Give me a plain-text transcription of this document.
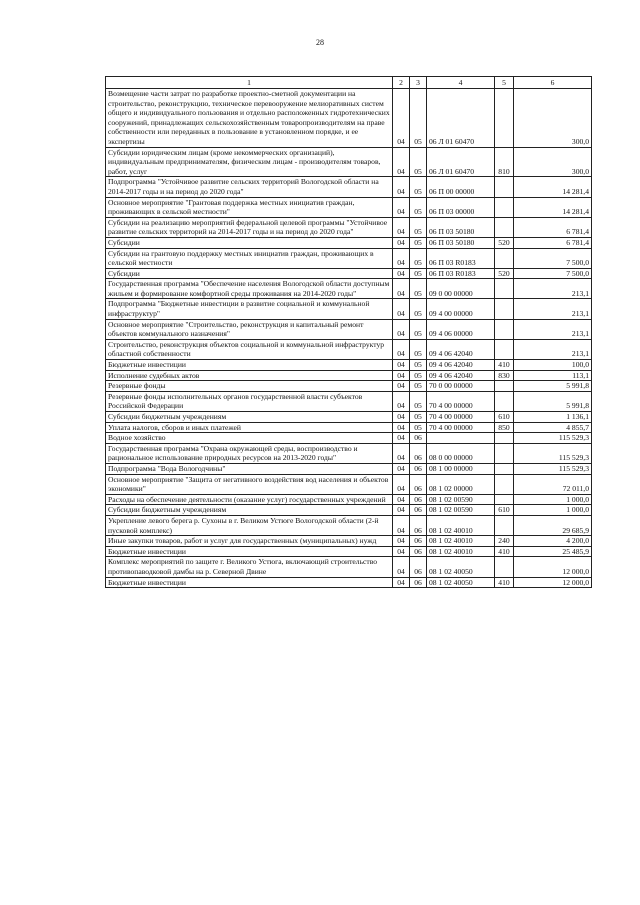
28
1	2	3	4	5	6
Возмещение части затрат по разработке проектно-сметной документации на строительство, реконструкцию, техническое перевооружение мелиоративных систем общего и индивидуального пользования и отдельно расположенных гидротехнических сооружений, принадлежащих сельскохозяйственным товаропроизводителям на праве собственности или переданных в пользование в установленном порядке, и ее экспертизы	04	05	06 Л 01 60470		300,0
Субсидии юридическим лицам (кроме некоммерческих организаций), индивидуальным предпринимателям, физическим лицам - производителям товаров, работ, услуг	04	05	06 Л 01 60470	810	300,0
Подпрограмма "Устойчивое развитие сельских территорий Вологодской области на 2014-2017 годы и на период до 2020 года"	04	05	06 П 00 00000		14 281,4
Основное мероприятие "Грантовая поддержка местных инициатив граждан, проживающих в сельской местности"	04	05	06 П 03 00000		14 281,4
Субсидии на реализацию мероприятий федеральной целевой программы "Устойчивое развитие сельских территорий на 2014-2017 годы и на период до 2020 года"	04	05	06 П 03 50180		6 781,4
Субсидии	04	05	06 П 03 50180	520	6 781,4
Субсидии на грантовую поддержку местных инициатив граждан, проживающих в сельской местности	04	05	06 П 03 R0183		7 500,0
Субсидии	04	05	06 П 03 R0183	520	7 500,0
Государственная программа "Обеспечение населения Вологодской области доступным жильем и формирование комфортной среды проживания на 2014-2020 годы"	04	05	09 0 00 00000		213,1
Подпрограмма "Бюджетные инвестиции в развитие социальной и коммунальной инфраструктур"	04	05	09 4 00 00000		213,1
Основное мероприятие "Строительство, реконструкция и капитальный ремонт объектов коммунального назначения"	04	05	09 4 06 00000		213,1
Строительство, реконструкция объектов социальной и коммунальной инфраструктур областной собственности	04	05	09 4 06 42040		213,1
Бюджетные инвестиции	04	05	09 4 06 42040	410	100,0
Исполнение судебных актов	04	05	09 4 06 42040	830	113,1
Резервные фонды	04	05	70 0 00 00000		5 991,8
Резервные фонды исполнительных органов государственной власти субъектов Российской Федерации	04	05	70 4 00 00000		5 991,8
Субсидии бюджетным учреждениям	04	05	70 4 00 00000	610	1 136,1
Уплата налогов, сборов и иных платежей	04	05	70 4 00 00000	850	4 855,7
Водное хозяйство	04	06			115 529,3
Государственная программа "Охрана окружающей среды, воспроизводство и рациональное использование природных ресурсов на 2013-2020 годы"	04	06	08 0 00 00000		115 529,3
Подпрограмма "Вода Вологодчины"	04	06	08 1 00 00000		115 529,3
Основное мероприятие "Защита от негативного воздействия вод населения и объектов экономики"	04	06	08 1 02 00000		72 011,0
Расходы на обеспечение деятельности (оказание услуг) государственных учреждений	04	06	08 1 02 00590		1 000,0
Субсидии бюджетным учреждениям	04	06	08 1 02 00590	610	1 000,0
Укрепление левого берега р. Сухоны в г. Великом Устюге Вологодской области (2-й пусковой комплекс)	04	06	08 1 02 40010		29 685,9
Иные закупки товаров, работ и услуг для государственных (муниципальных) нужд	04	06	08 1 02 40010	240	4 200,0
Бюджетные инвестиции	04	06	08 1 02 40010	410	25 485,9
Комплекс мероприятий по защите г. Великого Устюга, включающий строительство противопаводковой дамбы на р. Северной Двине	04	06	08 1 02 40050		12 000,0
Бюджетные инвестиции	04	06	08 1 02 40050	410	12 000,0
